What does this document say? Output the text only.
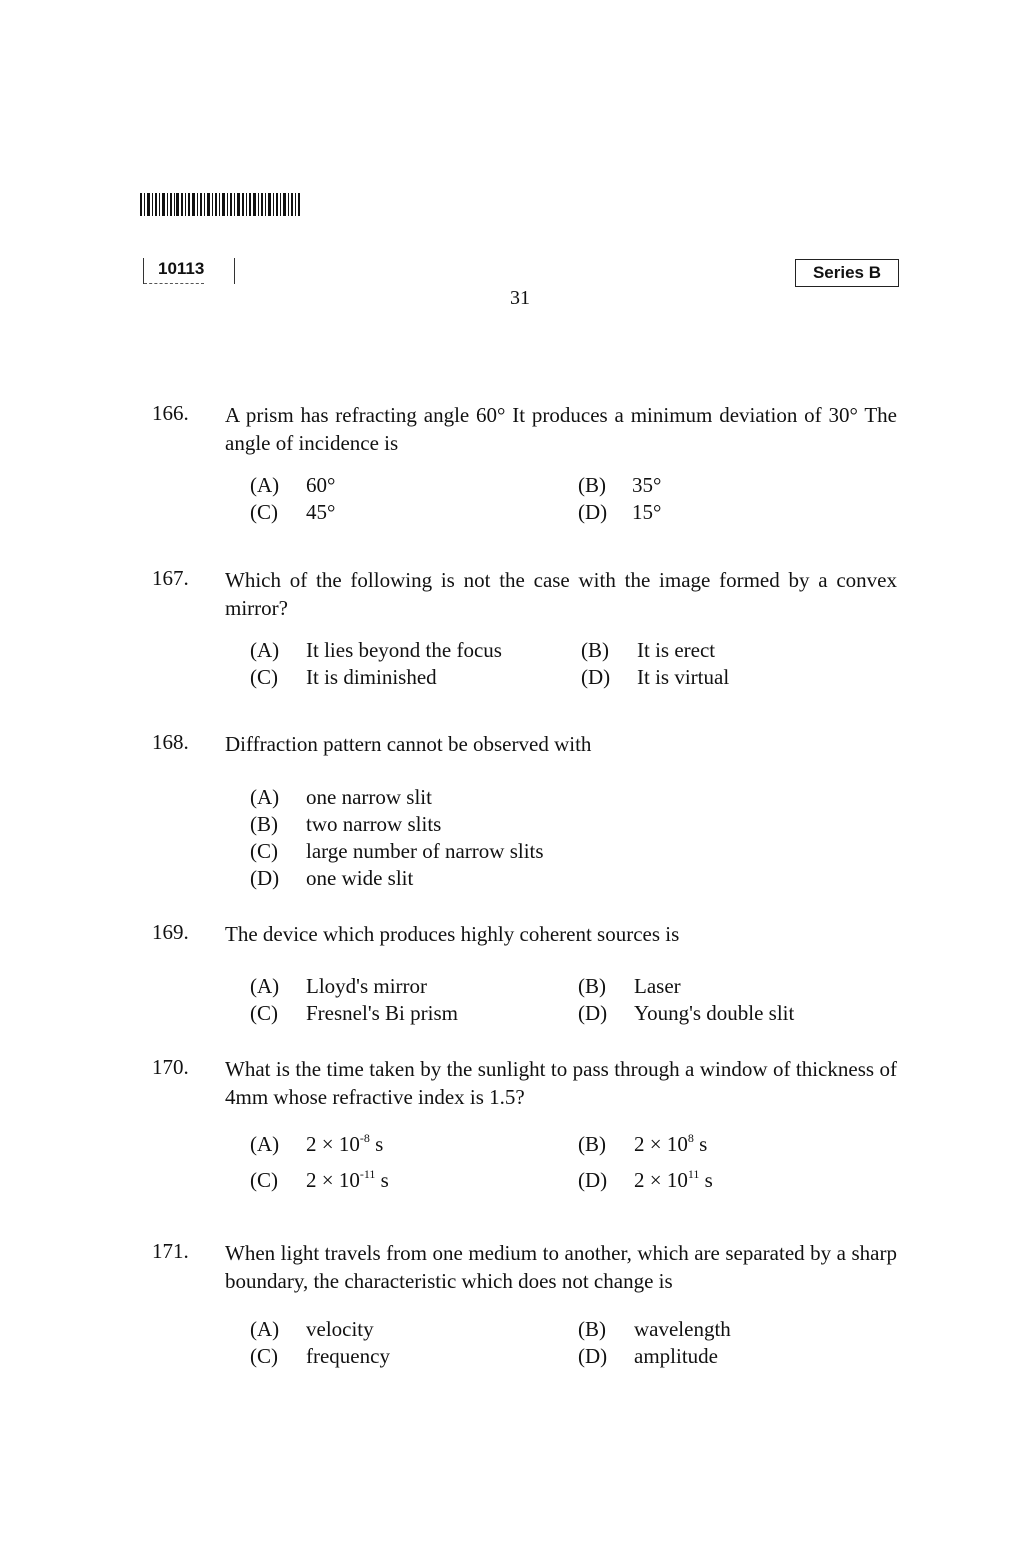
10113	Series B
31
166. A prism has refracting angle 60° It produces a minimum deviation of 30° The angle of incidence is
(A) 60°	(B) 35°
(C) 45°	(D) 15°
167. Which of the following is not the case with the image formed by a convex mirror?
(A) It lies beyond the focus	(B) It is erect
(C) It is diminished	(D) It is virtual
168. Diffraction pattern cannot be observed with
(A) one narrow slit
(B) two narrow slits
(C) large number of narrow slits
(D) one wide slit
169. The device which produces highly coherent sources is
(A) Lloyd's mirror	(B) Laser
(C) Fresnel's Bi prism	(D) Young's double slit
170. What is the time taken by the sunlight to pass through a window of thickness of 4mm whose refractive index is 1.5?
(A) $2 \times 10^{-8}$ s	(B) $2 \times 10^8$ s
(C) $2 \times 10^{-11}$ s	(D) $2 \times 10^{11}$ s
171. When light travels from one medium to another, which are separated by a sharp boundary, the characteristic which does not change is
(A) velocity	(B) wavelength
(C) frequency	(D) amplitude
